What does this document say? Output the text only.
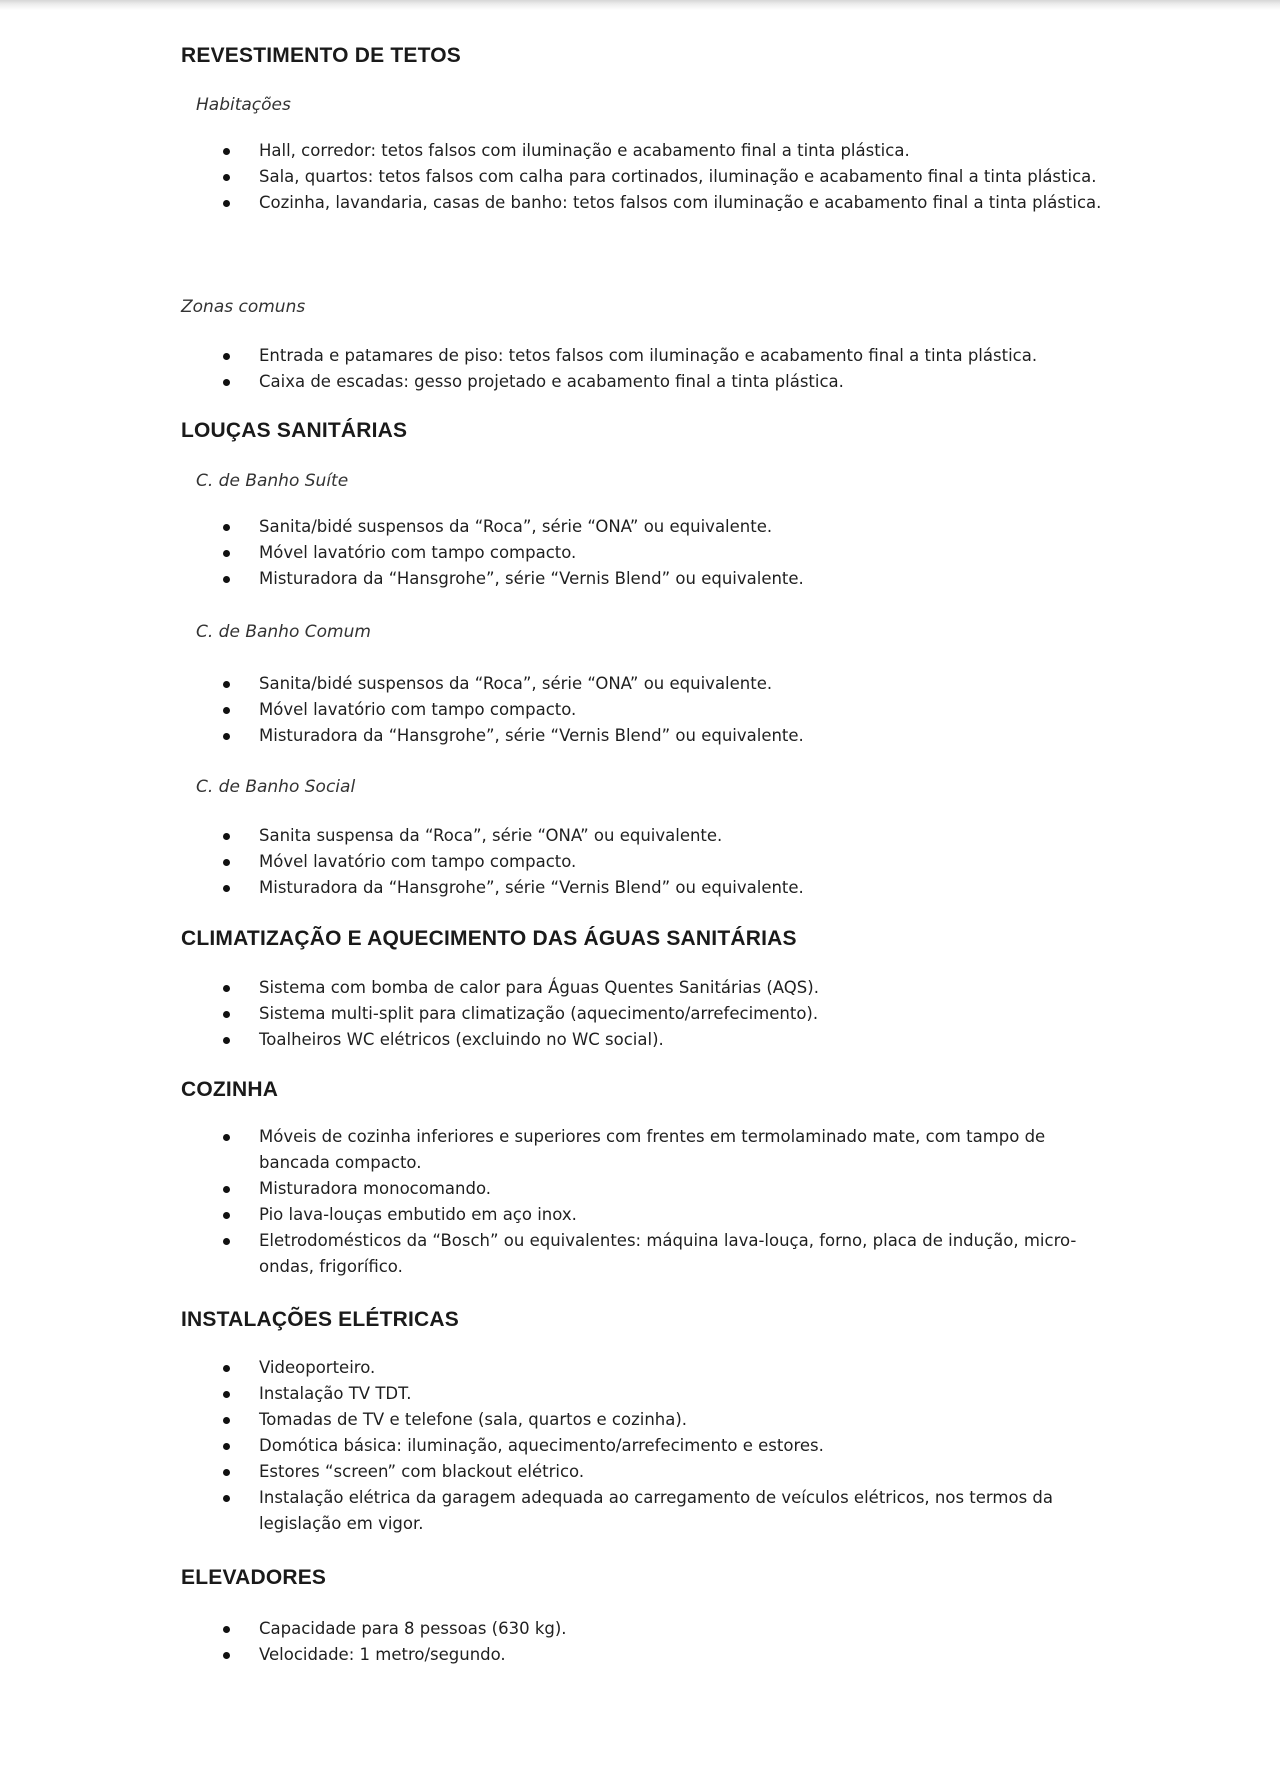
REVESTIMENTO DE TETOS
Habitações
Hall, corredor: tetos falsos com iluminação e acabamento final a tinta plástica.
Sala, quartos: tetos falsos com calha para cortinados, iluminação e acabamento final a tinta plástica.
Cozinha, lavandaria, casas de banho: tetos falsos com iluminação e acabamento final a tinta plástica.
Zonas comuns
Entrada e patamares de piso: tetos falsos com iluminação e acabamento final a tinta plástica.
Caixa de escadas: gesso projetado e acabamento final a tinta plástica.
LOUÇAS SANITÁRIAS
C. de Banho Suíte
Sanita/bidé suspensos da “Roca”, série “ONA” ou equivalente.
Móvel lavatório com tampo compacto.
Misturadora da “Hansgrohe”, série “Vernis Blend” ou equivalente.
C. de Banho Comum
Sanita/bidé suspensos da “Roca”, série “ONA” ou equivalente.
Móvel lavatório com tampo compacto.
Misturadora da “Hansgrohe”, série “Vernis Blend” ou equivalente.
C. de Banho Social
Sanita suspensa da “Roca”, série “ONA” ou equivalente.
Móvel lavatório com tampo compacto.
Misturadora da “Hansgrohe”, série “Vernis Blend” ou equivalente.
CLIMATIZAÇÃO E AQUECIMENTO DAS ÁGUAS SANITÁRIAS
Sistema com bomba de calor para Águas Quentes Sanitárias (AQS).
Sistema multi-split para climatização (aquecimento/arrefecimento).
Toalheiros WC elétricos (excluindo no WC social).
COZINHA
Móveis de cozinha inferiores e superiores com frentes em termolaminado mate, com tampo de bancada compacto.
Misturadora monocomando.
Pio lava-louças embutido em aço inox.
Eletrodomésticos da “Bosch” ou equivalentes: máquina lava-louça, forno, placa de indução, micro-ondas, frigorífico.
INSTALAÇÕES ELÉTRICAS
Videoporteiro.
Instalação TV TDT.
Tomadas de TV e telefone (sala, quartos e cozinha).
Domótica básica: iluminação, aquecimento/arrefecimento e estores.
Estores “screen” com blackout elétrico.
Instalação elétrica da garagem adequada ao carregamento de veículos elétricos, nos termos da legislação em vigor.
ELEVADORES
Capacidade para 8 pessoas (630 kg).
Velocidade: 1 metro/segundo.
